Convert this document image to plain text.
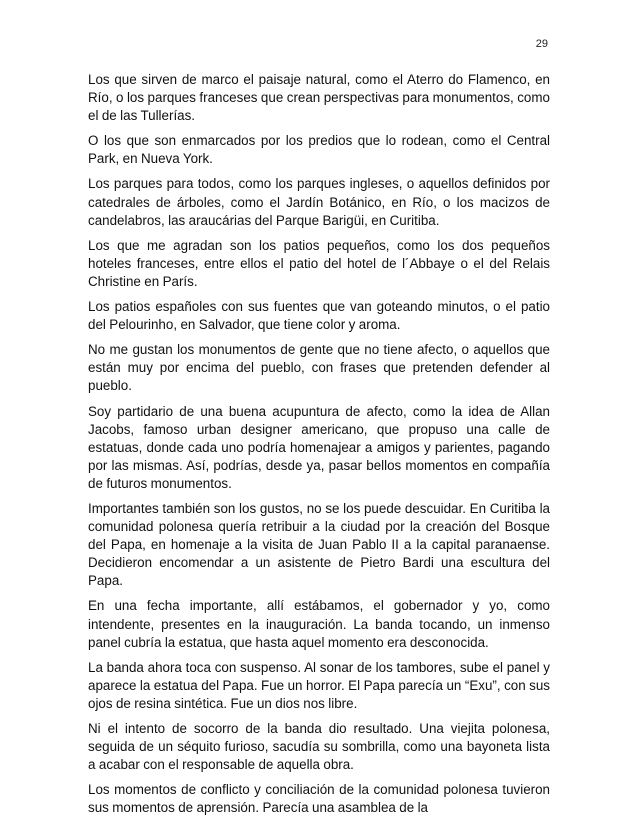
29

Los que sirven de marco el paisaje natural, como el Aterro do Flamenco, en Río, o los parques franceses que crean perspectivas para monumentos, como el de las Tullerías.

O los que son enmarcados por los predios que lo rodean, como el Central Park, en Nueva York.

Los parques para todos, como los parques ingleses, o aquellos definidos por catedrales de árboles, como el Jardín Botánico, en Río, o los macizos de candelabros, las araucárias del Parque Barigüi, en Curitiba.

Los que me agradan son los patios pequeños, como los dos pequeños hoteles franceses, entre ellos el patio del hotel de l´Abbaye o el del Relais Christine en París.

Los patios españoles con sus fuentes que van goteando minutos, o el patio del Pelourinho, en Salvador, que tiene color y aroma.

No me gustan los monumentos de gente que no tiene afecto, o aquellos que están muy por encima del pueblo, con frases que pretenden defender al pueblo.

Soy partidario de una buena acupuntura de afecto, como la idea de Allan Jacobs, famoso urban designer americano, que propuso una calle de estatuas, donde cada uno podría homenajear a amigos y parientes, pagando por las mismas. Así, podrías, desde ya, pasar bellos momentos en compañía de futuros monumentos.

Importantes también son los gustos, no se los puede descuidar. En Curitiba la comunidad polonesa quería retribuir a la ciudad por la creación del Bosque del Papa, en homenaje a la visita de Juan Pablo II a la capital paranaense. Decidieron encomendar a un asistente de Pietro Bardi una escultura del Papa.

En una fecha importante, allí estábamos, el gobernador y yo, como intendente, presentes en la inauguración. La banda tocando, un inmenso panel cubría la estatua, que hasta aquel momento era desconocida.

La banda ahora toca con suspenso. Al sonar de los tambores, sube el panel y aparece la estatua del Papa. Fue un horror. El Papa parecía un “Exu”, con sus ojos de resina sintética. Fue un dios nos libre.

Ni el intento de socorro de la banda dio resultado. Una viejita polonesa, seguida de un séquito furioso, sacudía su sombrilla, como una bayoneta lista a acabar con el responsable de aquella obra.

Los momentos de conflicto y conciliación de la comunidad polonesa tuvieron sus momentos de aprensión. Parecía una asamblea de la
